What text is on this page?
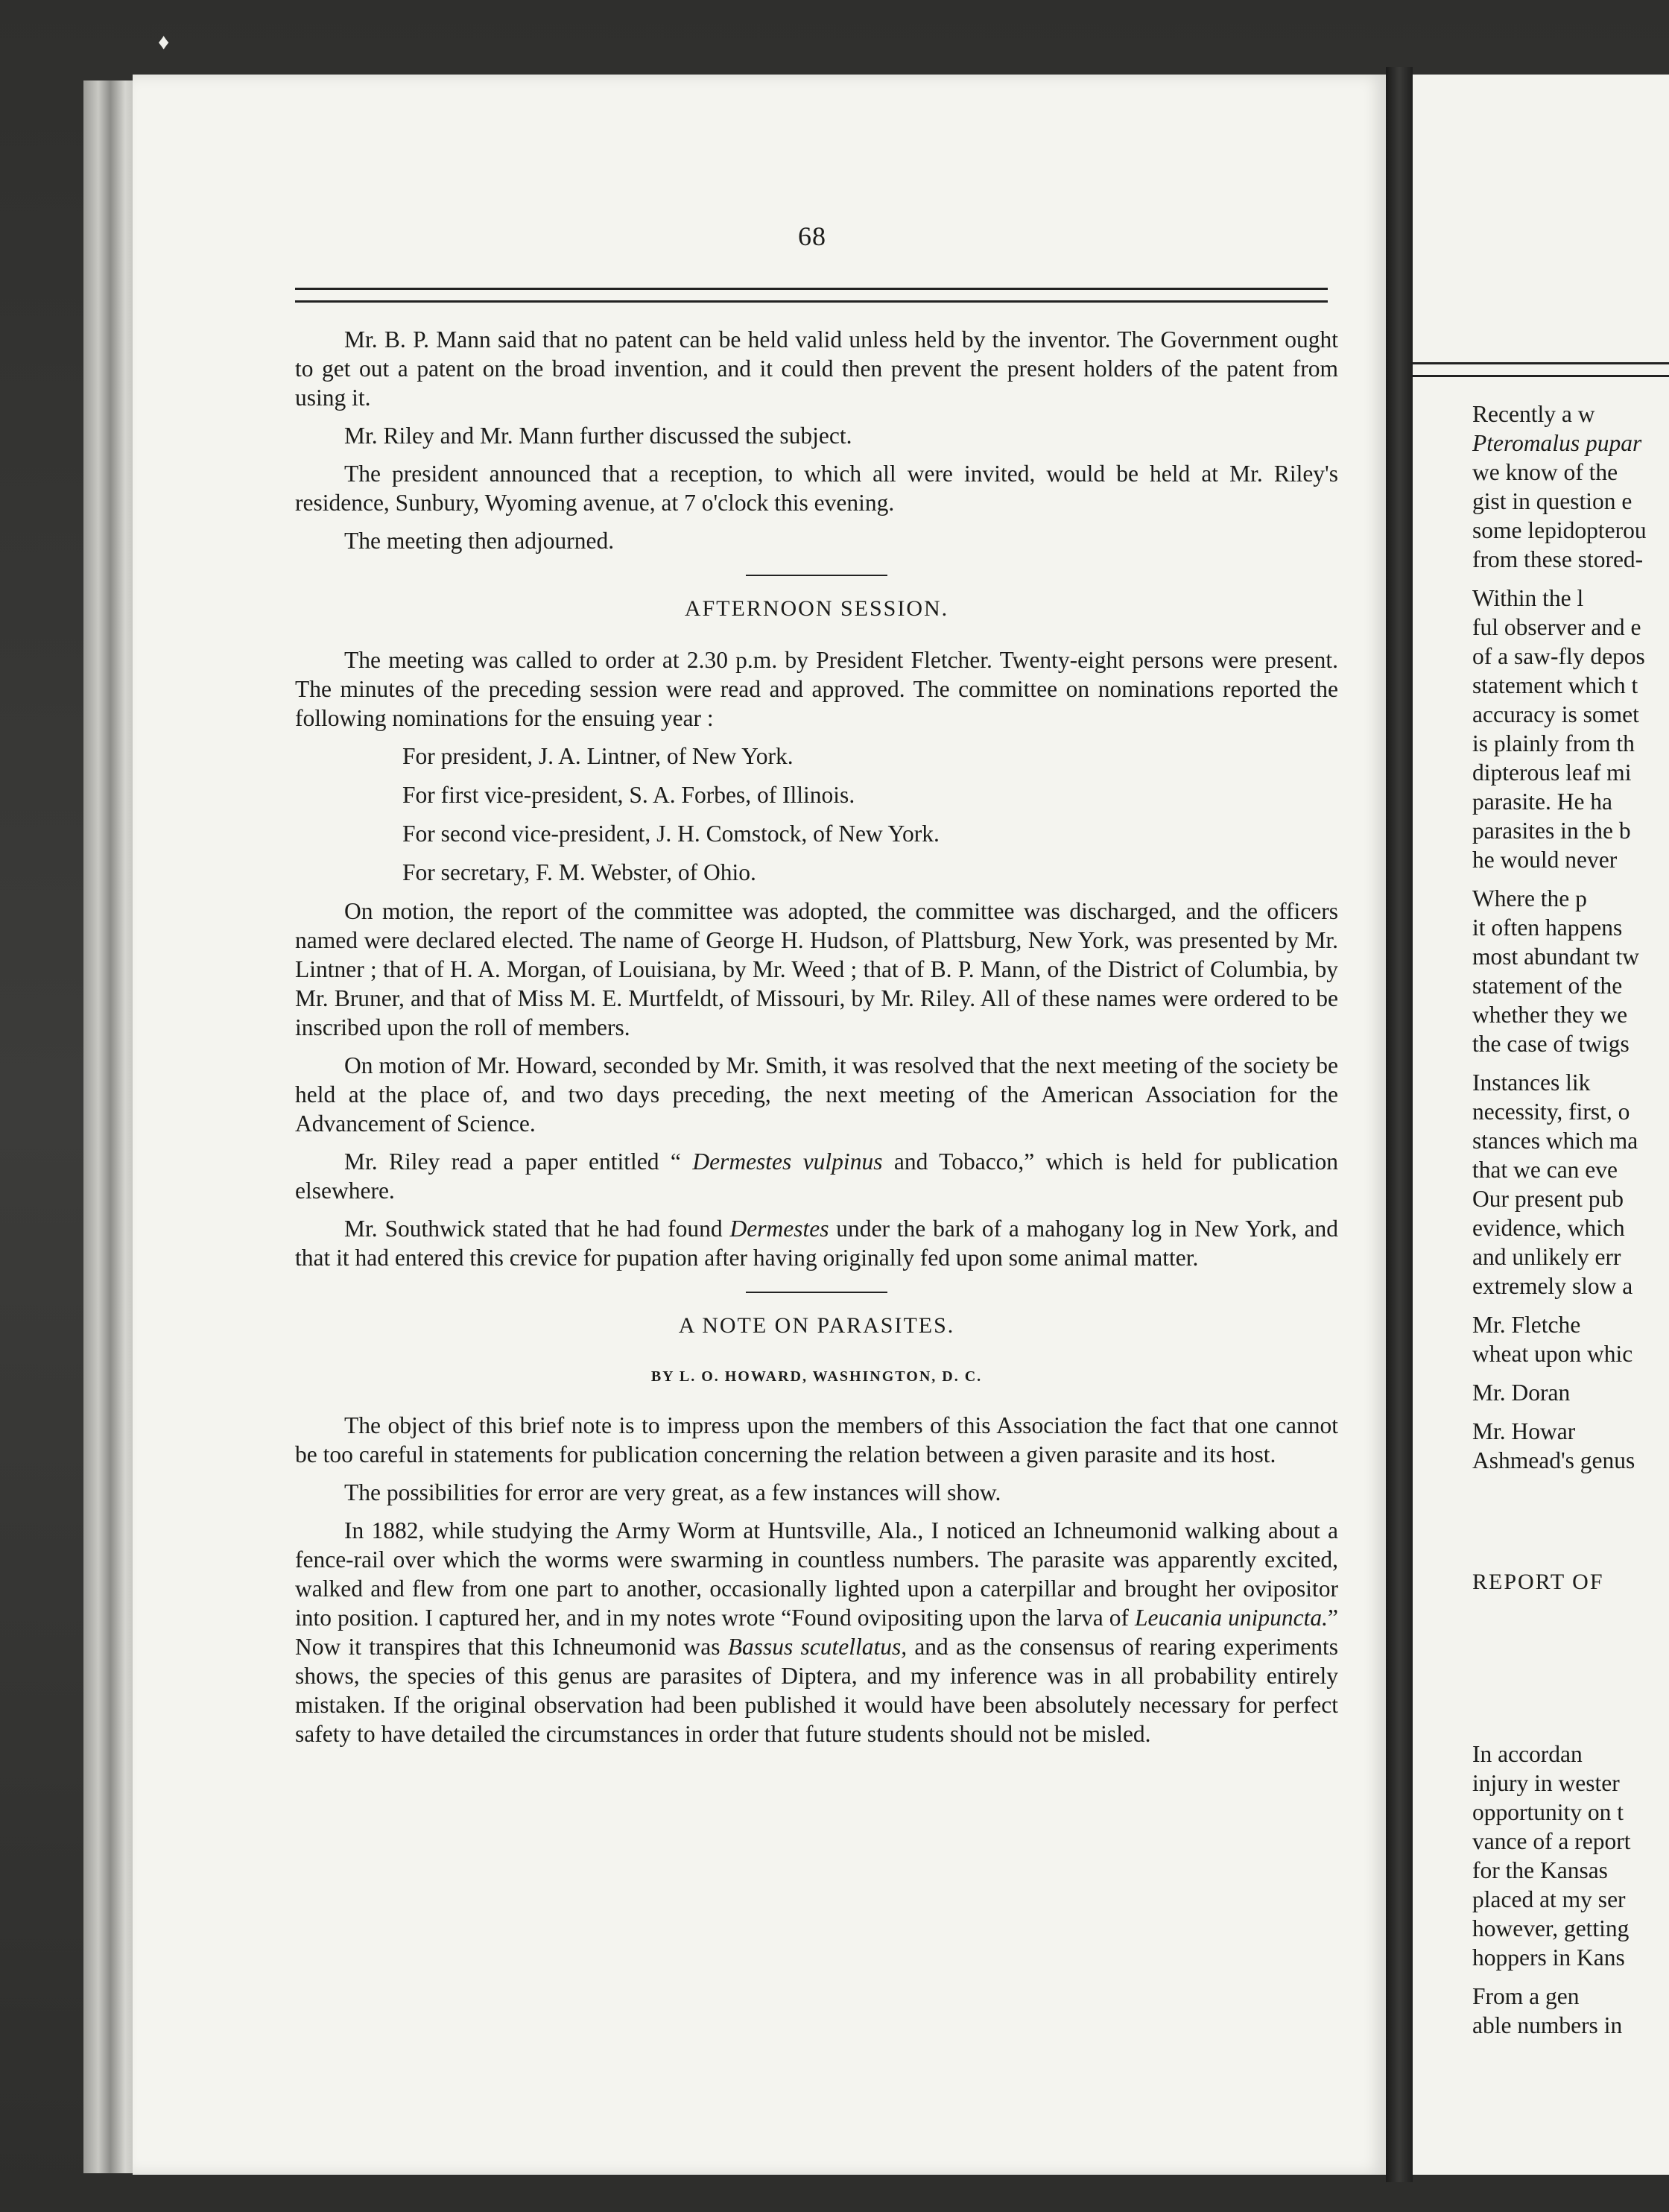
♦
68

Mr. B. P. Mann said that no patent can be held valid unless held by the inventor. The Government ought to get out a patent on the broad invention, and it could then prevent the present holders of the patent from using it.

Mr. Riley and Mr. Mann further discussed the subject.

The president announced that a reception, to which all were invited, would be held at Mr. Riley's residence, Sunbury, Wyoming avenue, at 7 o'clock this evening.

The meeting then adjourned.

AFTERNOON SESSION.

The meeting was called to order at 2.30 p.m. by President Fletcher. Twenty-eight persons were present. The minutes of the preceding session were read and approved. The committee on nominations reported the following nominations for the ensuing year :

For president, J. A. Lintner, of New York.
For first vice-president, S. A. Forbes, of Illinois.
For second vice-president, J. H. Comstock, of New York.
For secretary, F. M. Webster, of Ohio.

On motion, the report of the committee was adopted, the committee was discharged, and the officers named were declared elected. The name of George H. Hudson, of Plattsburg, New York, was presented by Mr. Lintner ; that of H. A. Morgan, of Louisiana, by Mr. Weed ; that of B. P. Mann, of the District of Columbia, by Mr. Bruner, and that of Miss M. E. Murtfeldt, of Missouri, by Mr. Riley. All of these names were ordered to be inscribed upon the roll of members.

On motion of Mr. Howard, seconded by Mr. Smith, it was resolved that the next meeting of the society be held at the place of, and two days preceding, the next meeting of the American Association for the Advancement of Science.

Mr. Riley read a paper entitled “ Dermestes vulpinus and Tobacco,” which is held for publication elsewhere.

Mr. Southwick stated that he had found Dermestes under the bark of a mahogany log in New York, and that it had entered this crevice for pupation after having originally fed upon some animal matter.

A NOTE ON PARASITES.
BY L. O. HOWARD, WASHINGTON, D. C.

The object of this brief note is to impress upon the members of this Association the fact that one cannot be too careful in statements for publication concerning the relation between a given parasite and its host.

The possibilities for error are very great, as a few instances will show.

In 1882, while studying the Army Worm at Huntsville, Ala., I noticed an Ichneumonid walking about a fence-rail over which the worms were swarming in countless numbers. The parasite was apparently excited, walked and flew from one part to another, occasionally lighted upon a caterpillar and brought her ovipositor into position. I captured her, and in my notes wrote “Found ovipositing upon the larva of Leucania unipuncta.” Now it transpires that this Ichneumonid was Bassus scutellatus, and as the consensus of rearing experiments shows, the species of this genus are parasites of Diptera, and my inference was in all probability entirely mistaken. If the original observation had been published it would have been absolutely necessary for perfect safety to have detailed the circumstances in order that future students should not be misled.

Recently a w
Pteromalus pupar
we know of the
gist in question e
some lepidopterou
from these stored-
Within the l
ful observer and e
of a saw-fly depos
statement which t
accuracy is somet
is plainly from th
dipterous leaf mi
parasite. He ha
parasites in the b
he would never
Where the p
it often happens
most abundant tw
statement of the
whether they we
the case of twigs
Instances lik
necessity, first, o
stances which ma
that we can eve
Our present pub
evidence, which
and unlikely err
extremely slow a
Mr. Fletche
wheat upon whic
Mr. Doran
Mr. Howar
Ashmead's genus
REPORT OF
In accordan
injury in wester
opportunity on t
vance of a report
for the Kansas
placed at my ser
however, getting
hoppers in Kans
From a gen
able numbers in
